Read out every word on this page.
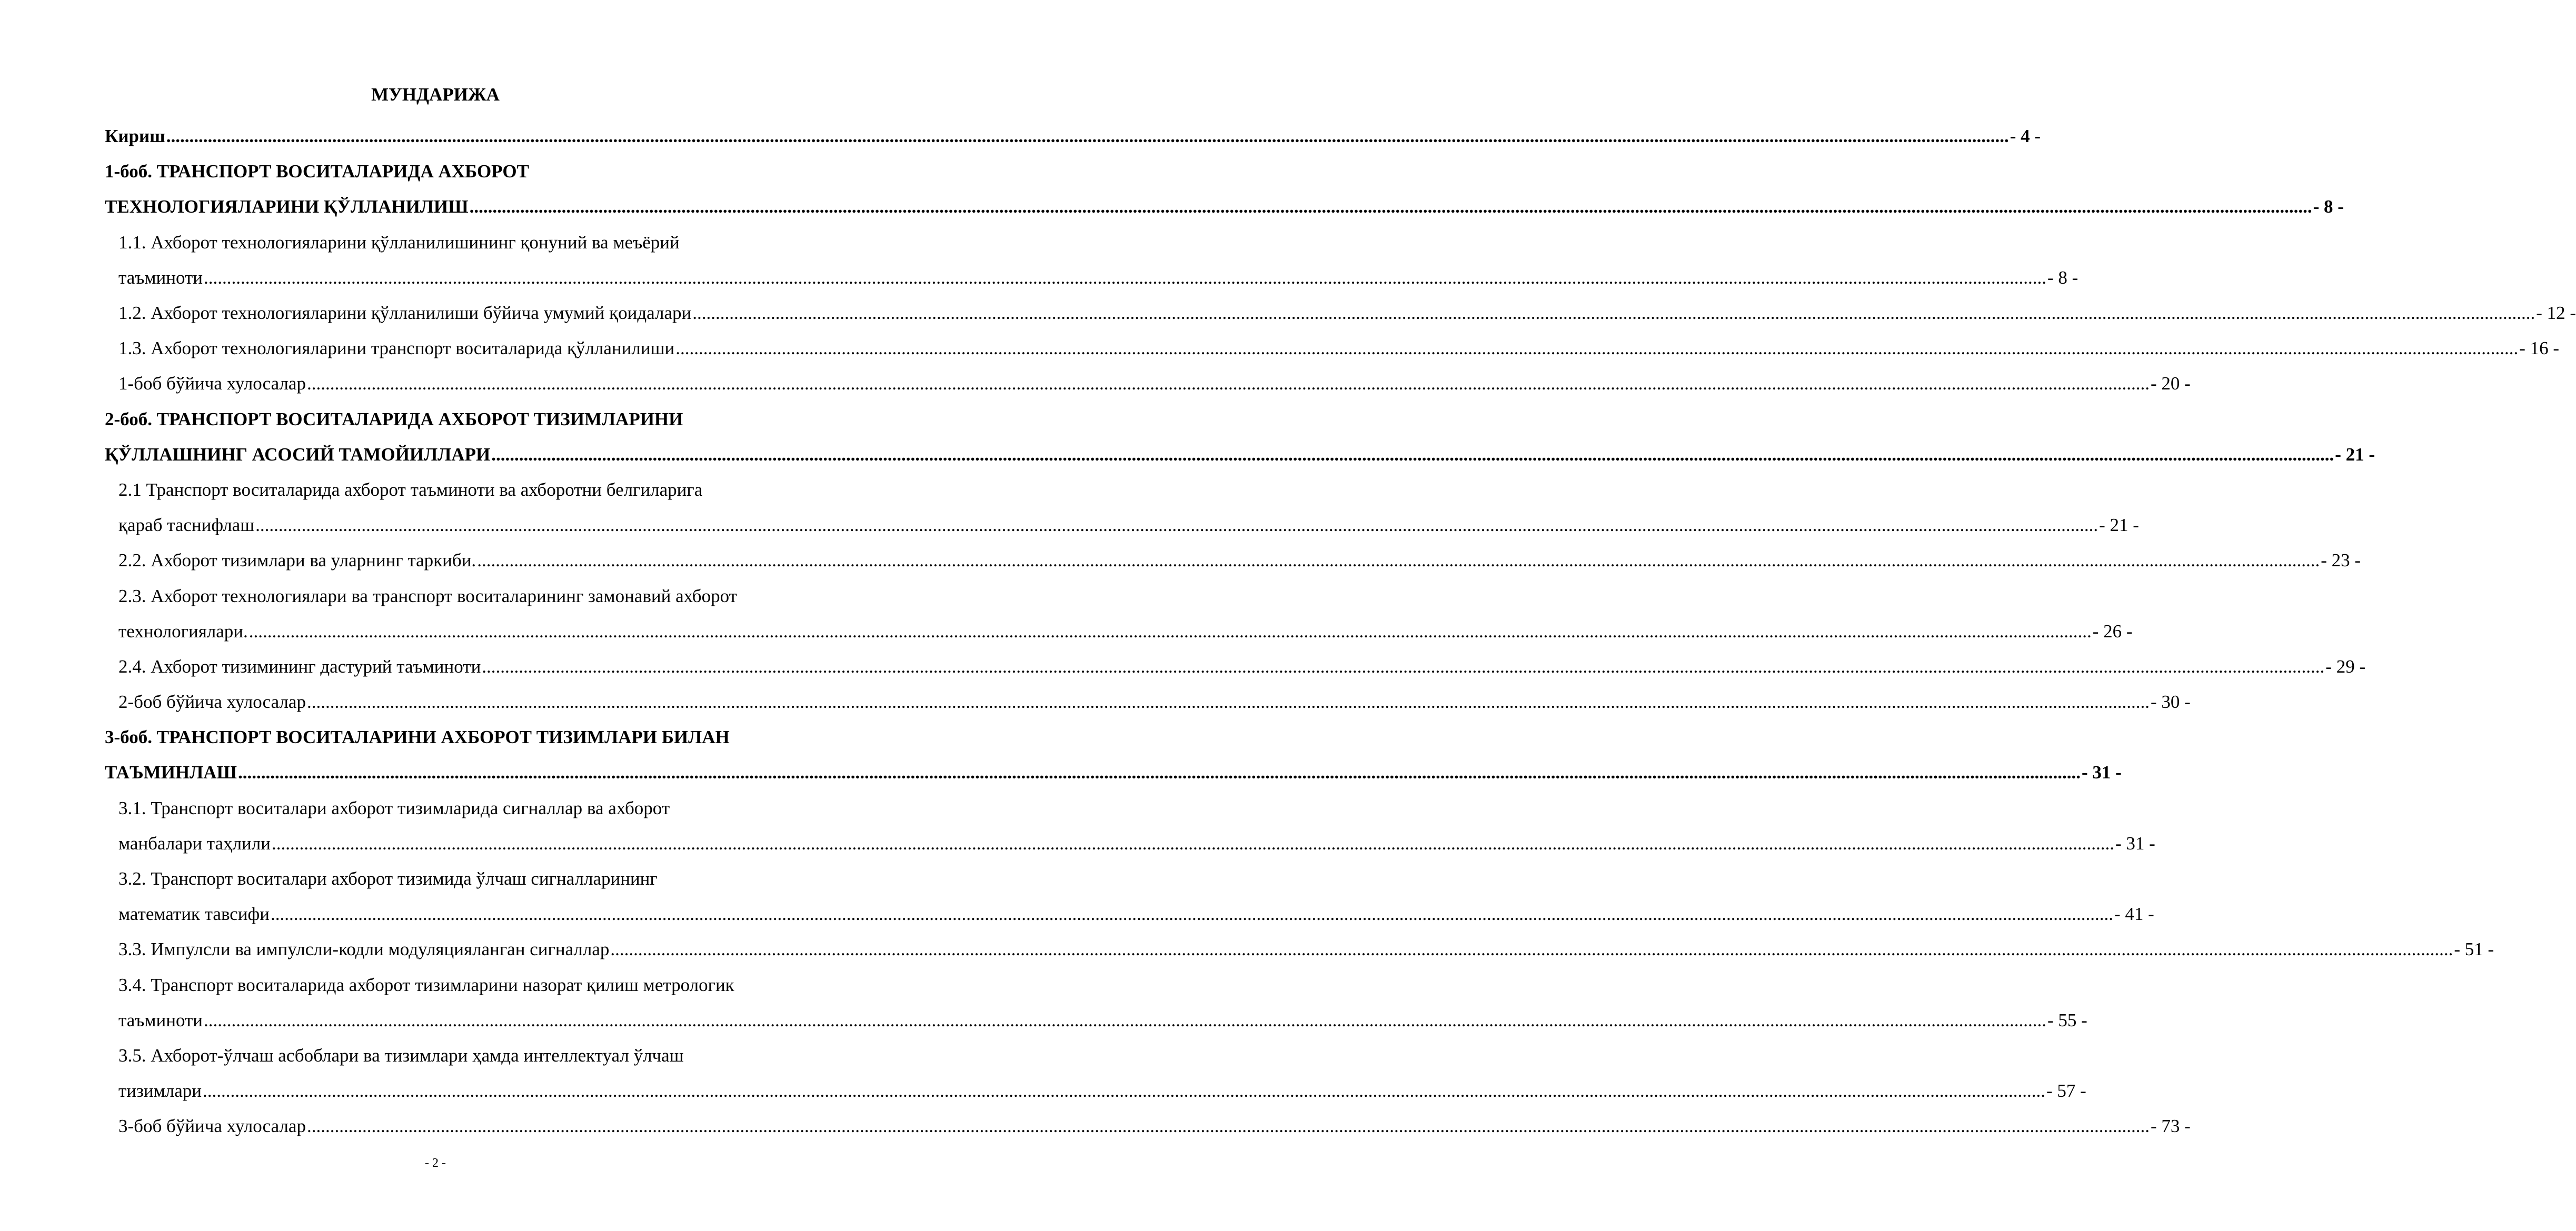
МУНДАРИЖА
Кириш ................................................................................................................................................................................................................................................................................................................................................................................................................ - 4 -
1-боб. ТРАНСПОРТ ВОСИТАЛАРИДА АХБОРОТ
ТЕХНОЛОГИЯЛАРИНИ ҚЎЛЛАНИЛИШ ................................................................................................................................................................................................................................................................................................................................................................................................................ - 8 -
1.1. Ахборот технологияларини қўлланилишининг қонуний ва меъёрий
таъминоти ................................................................................................................................................................................................................................................................................................................................................................................................................ - 8 -
1.2. Ахборот технологияларини қўлланилиши бўйича умумий қоидалари ................................................................................................................................................................................................................................................................................................................................................................................................................ - 12 -
1.3. Ахборот технологияларини транспорт воситаларида қўлланилиши ................................................................................................................................................................................................................................................................................................................................................................................................................ - 16 -
1-боб бўйича хулосалар ................................................................................................................................................................................................................................................................................................................................................................................................................ - 20 -
2-боб. ТРАНСПОРТ ВОСИТАЛАРИДА АХБОРОТ ТИЗИМЛАРИНИ
ҚЎЛЛАШНИНГ АСОСИЙ ТАМОЙИЛЛАРИ ................................................................................................................................................................................................................................................................................................................................................................................................................ - 21 -
2.1 Транспорт воситаларида ахборот таъминоти ва ахборотни белгиларига
қараб таснифлаш ................................................................................................................................................................................................................................................................................................................................................................................................................ - 21 -
2.2. Ахборот тизимлари ва уларнинг таркиби. ................................................................................................................................................................................................................................................................................................................................................................................................................ - 23 -
2.3. Ахборот технологиялари ва транспорт воситаларининг замонавий ахборот
технологиялари. ................................................................................................................................................................................................................................................................................................................................................................................................................ - 26 -
2.4. Ахборот тизимининг дастурий таъминоти ................................................................................................................................................................................................................................................................................................................................................................................................................ - 29 -
2-боб бўйича хулосалар ................................................................................................................................................................................................................................................................................................................................................................................................................ - 30 -
3-боб. ТРАНСПОРТ ВОСИТАЛАРИНИ АХБОРОТ ТИЗИМЛАРИ БИЛАН
ТАЪМИНЛАШ ................................................................................................................................................................................................................................................................................................................................................................................................................ - 31 -
3.1. Транспорт воситалари ахборот тизимларида сигналлар ва ахборот
манбалари таҳлили ................................................................................................................................................................................................................................................................................................................................................................................................................ - 31 -
3.2. Транспорт воситалари ахборот тизимида ўлчаш сигналларининг
математик тавсифи ................................................................................................................................................................................................................................................................................................................................................................................................................ - 41 -
3.3. Импулсли ва импулсли-кодли модуляцияланган сигналлар ................................................................................................................................................................................................................................................................................................................................................................................................................ - 51 -
3.4. Транспорт воситаларида ахборот тизимларини назорат қилиш метрологик
таъминоти ................................................................................................................................................................................................................................................................................................................................................................................................................ - 55 -
3.5. Ахборот-ўлчаш асбоблари ва тизимлари ҳамда интеллектуал ўлчаш
тизимлари ................................................................................................................................................................................................................................................................................................................................................................................................................ - 57 -
3-боб бўйича хулосалар ................................................................................................................................................................................................................................................................................................................................................................................................................ - 73 -
- 2 -
